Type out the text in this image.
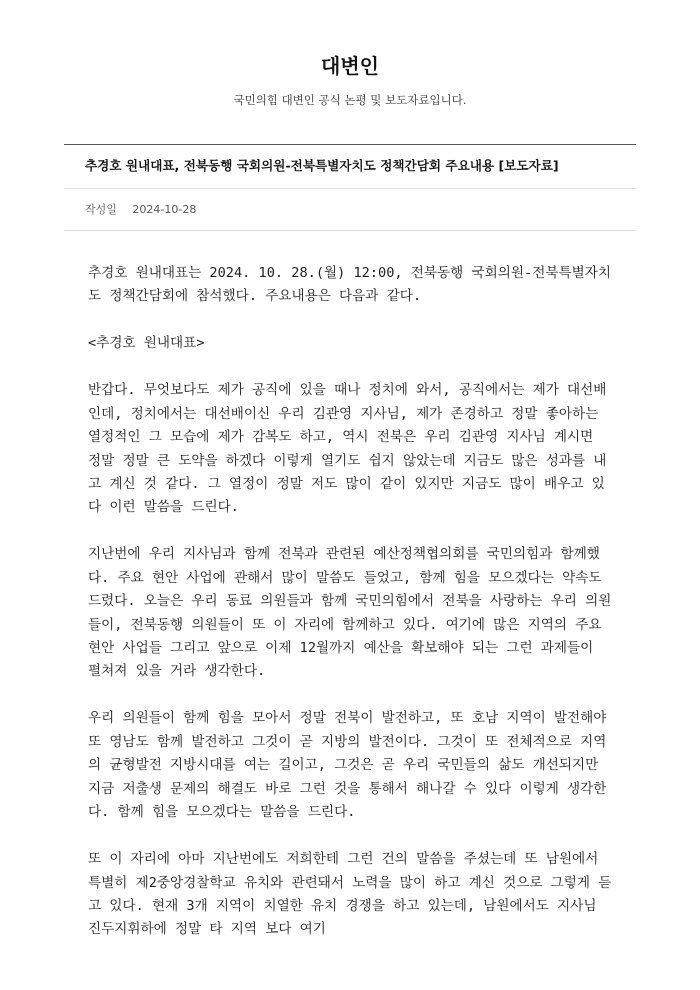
대변인
국민의힘 대변인 공식 논평 및 보도자료입니다.
추경호 원내대표, 전북동행 국회의원-전북특별자치도 정책간담회 주요내용 [보도자료]
작성일 2024-10-28

추경호 원내대표는 2024. 10. 28.(월) 12:00, 전북동행 국회의원-전북특별자치도 정책간담회에 참석했다. 주요내용은 다음과 같다.

<추경호 원내대표>

반갑다. 무엇보다도 제가 공직에 있을 때나 정치에 와서, 공직에서는 제가 대선배인데, 정치에서는 대선배이신 우리 김관영 지사님, 제가 존경하고 정말 좋아하는 열정적인 그 모습에 제가 감복도 하고, 역시 전북은 우리 김관영 지사님 계시면 정말 정말 큰 도약을 하겠다 이렇게 열기도 쉽지 않았는데 지금도 많은 성과를 내고 계신 것 같다. 그 열정이 정말 저도 많이 같이 있지만 지금도 많이 배우고 있다 이런 말씀을 드린다.

지난번에 우리 지사님과 함께 전북과 관련된 예산정책협의회를 국민의힘과 함께했다. 주요 현안 사업에 관해서 많이 말씀도 들었고, 함께 힘을 모으겠다는 약속도 드렸다. 오늘은 우리 동료 의원들과 함께 국민의힘에서 전북을 사랑하는 우리 의원들이, 전북동행 의원들이 또 이 자리에 함께하고 있다. 여기에 많은 지역의 주요 현안 사업들 그리고 앞으로 이제 12월까지 예산을 확보해야 되는 그런 과제들이 펼쳐져 있을 거라 생각한다.

우리 의원들이 함께 힘을 모아서 정말 전북이 발전하고, 또 호남 지역이 발전해야 또 영남도 함께 발전하고 그것이 곧 지방의 발전이다. 그것이 또 전체적으로 지역의 균형발전 지방시대를 여는 길이고, 그것은 곧 우리 국민들의 삶도 개선되지만 지금 저출생 문제의 해결도 바로 그런 것을 통해서 해나갈 수 있다 이렇게 생각한다. 함께 힘을 모으겠다는 말씀을 드린다.

또 이 자리에 아마 지난번에도 저희한테 그런 건의 말씀을 주셨는데 또 남원에서 특별히 제2중앙경찰학교 유치와 관련돼서 노력을 많이 하고 계신 것으로 그렇게 듣고 있다. 현재 3개 지역이 치열한 유치 경쟁을 하고 있는데, 남원에서도 지사님 진두지휘하에 정말 타 지역 보다 여기
